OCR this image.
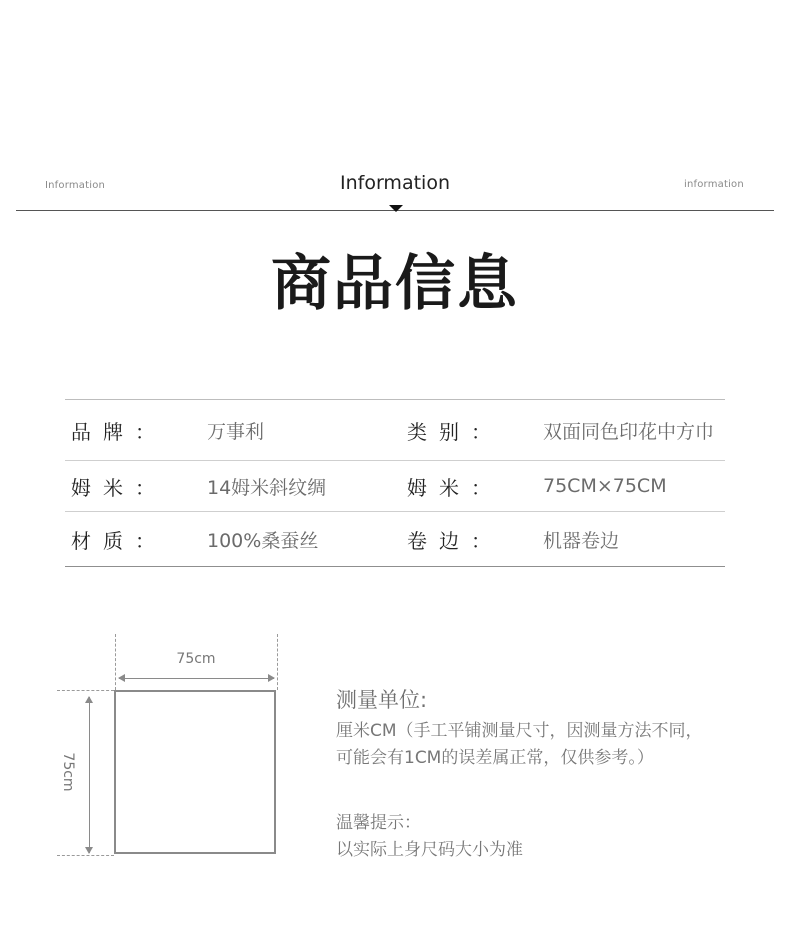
Information	Information	information
商品信息
品牌： 万事利	类别： 双面同色印花中方巾
姆米： 14姆米斜纹绸	姆米： 75CM×75CM
材质： 100%桑蚕丝	卷边： 机器卷边
75cm
75cm
测量单位:
厘米CM（手工平铺测量尺寸，因测量方法不同，
可能会有1CM的误差属正常，仅供参考。）
温馨提示：
以实际上身尺码大小为准
